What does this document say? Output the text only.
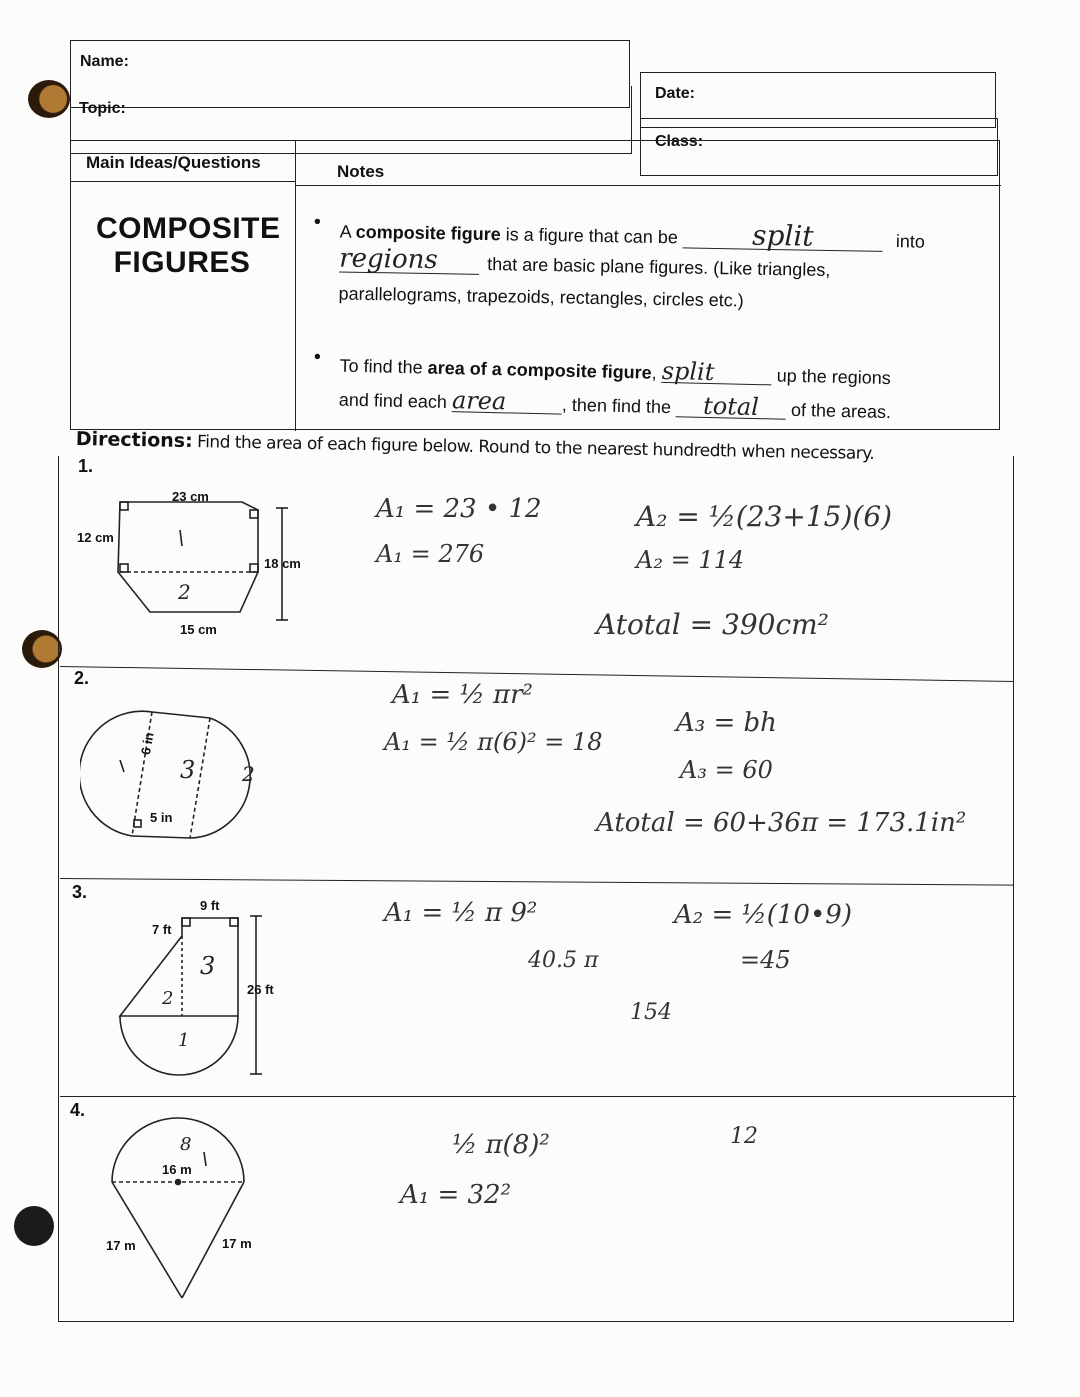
Name:
Topic:
Date:
Class:
Main Ideas/Questions	Notes
COMPOSITE
FIGURES
• A composite figure is a figure that can be	split	into
regions	that are basic plane figures. (Like triangles,
parallelograms, trapezoids, rectangles, circles etc.)
• To find the area of a composite figure, split	up the regions
and find each area	, then find the total of the areas.
Directions: Find the area of each figure below. Round to the nearest hundredth when necessary.
1.
2.
3.
4.
23 cm
12 cm
18 cm
15 cm
2
A₁ = 23 • 12
A₁ = 276
A₂ = ½(23+15)(6)
A₂ = 114
Atotal = 390cm²
6 in
5 in
3 2
A₁ = ½ πr²
A₁ = ½ π(6)² = 18
A₃ = bh
A₃ = 60
Atotal = 60+36π = 173.1in²
9 ft
7 ft
26 ft
3
2
1
A₁ = ½ π 9²
40.5 π
A₂ = ½(10•9)
=45
154
16 m
17 m	17 m
8	½ π(8)²
A₁ = 32²
12
